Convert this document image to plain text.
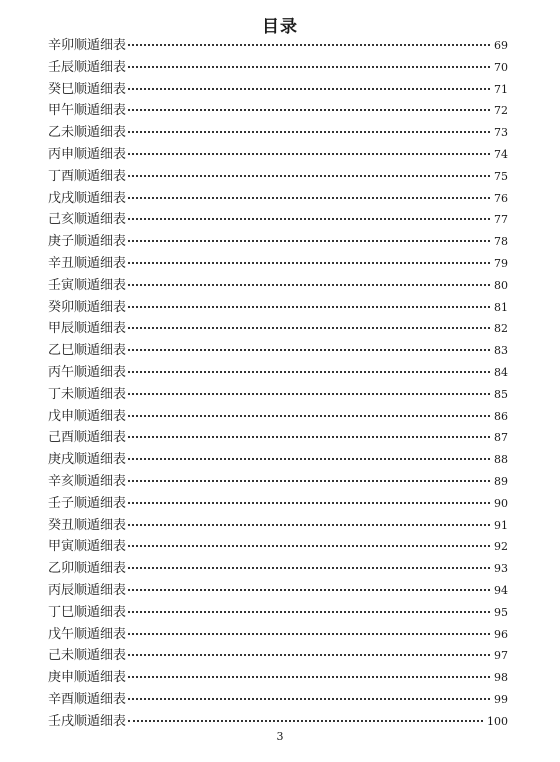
目录
辛卯顺遁细表	69
壬辰顺遁细表	70
癸巳顺遁细表	71
甲午顺遁细表	72
乙未顺遁细表	73
丙申顺遁细表	74
丁酉顺遁细表	75
戊戌顺遁细表	76
己亥顺遁细表	77
庚子顺遁细表	78
辛丑顺遁细表	79
壬寅顺遁细表	80
癸卯顺遁细表	81
甲辰顺遁细表	82
乙巳顺遁细表	83
丙午顺遁细表	84
丁未顺遁细表	85
戊申顺遁细表	86
己酉顺遁细表	87
庚戌顺遁细表	88
辛亥顺遁细表	89
壬子顺遁细表	90
癸丑顺遁细表	91
甲寅顺遁细表	92
乙卯顺遁细表	93
丙辰顺遁细表	94
丁巳顺遁细表	95
戊午顺遁细表	96
己未顺遁细表	97
庚申顺遁细表	98
辛酉顺遁细表	99
壬戌顺遁细表	100
3
